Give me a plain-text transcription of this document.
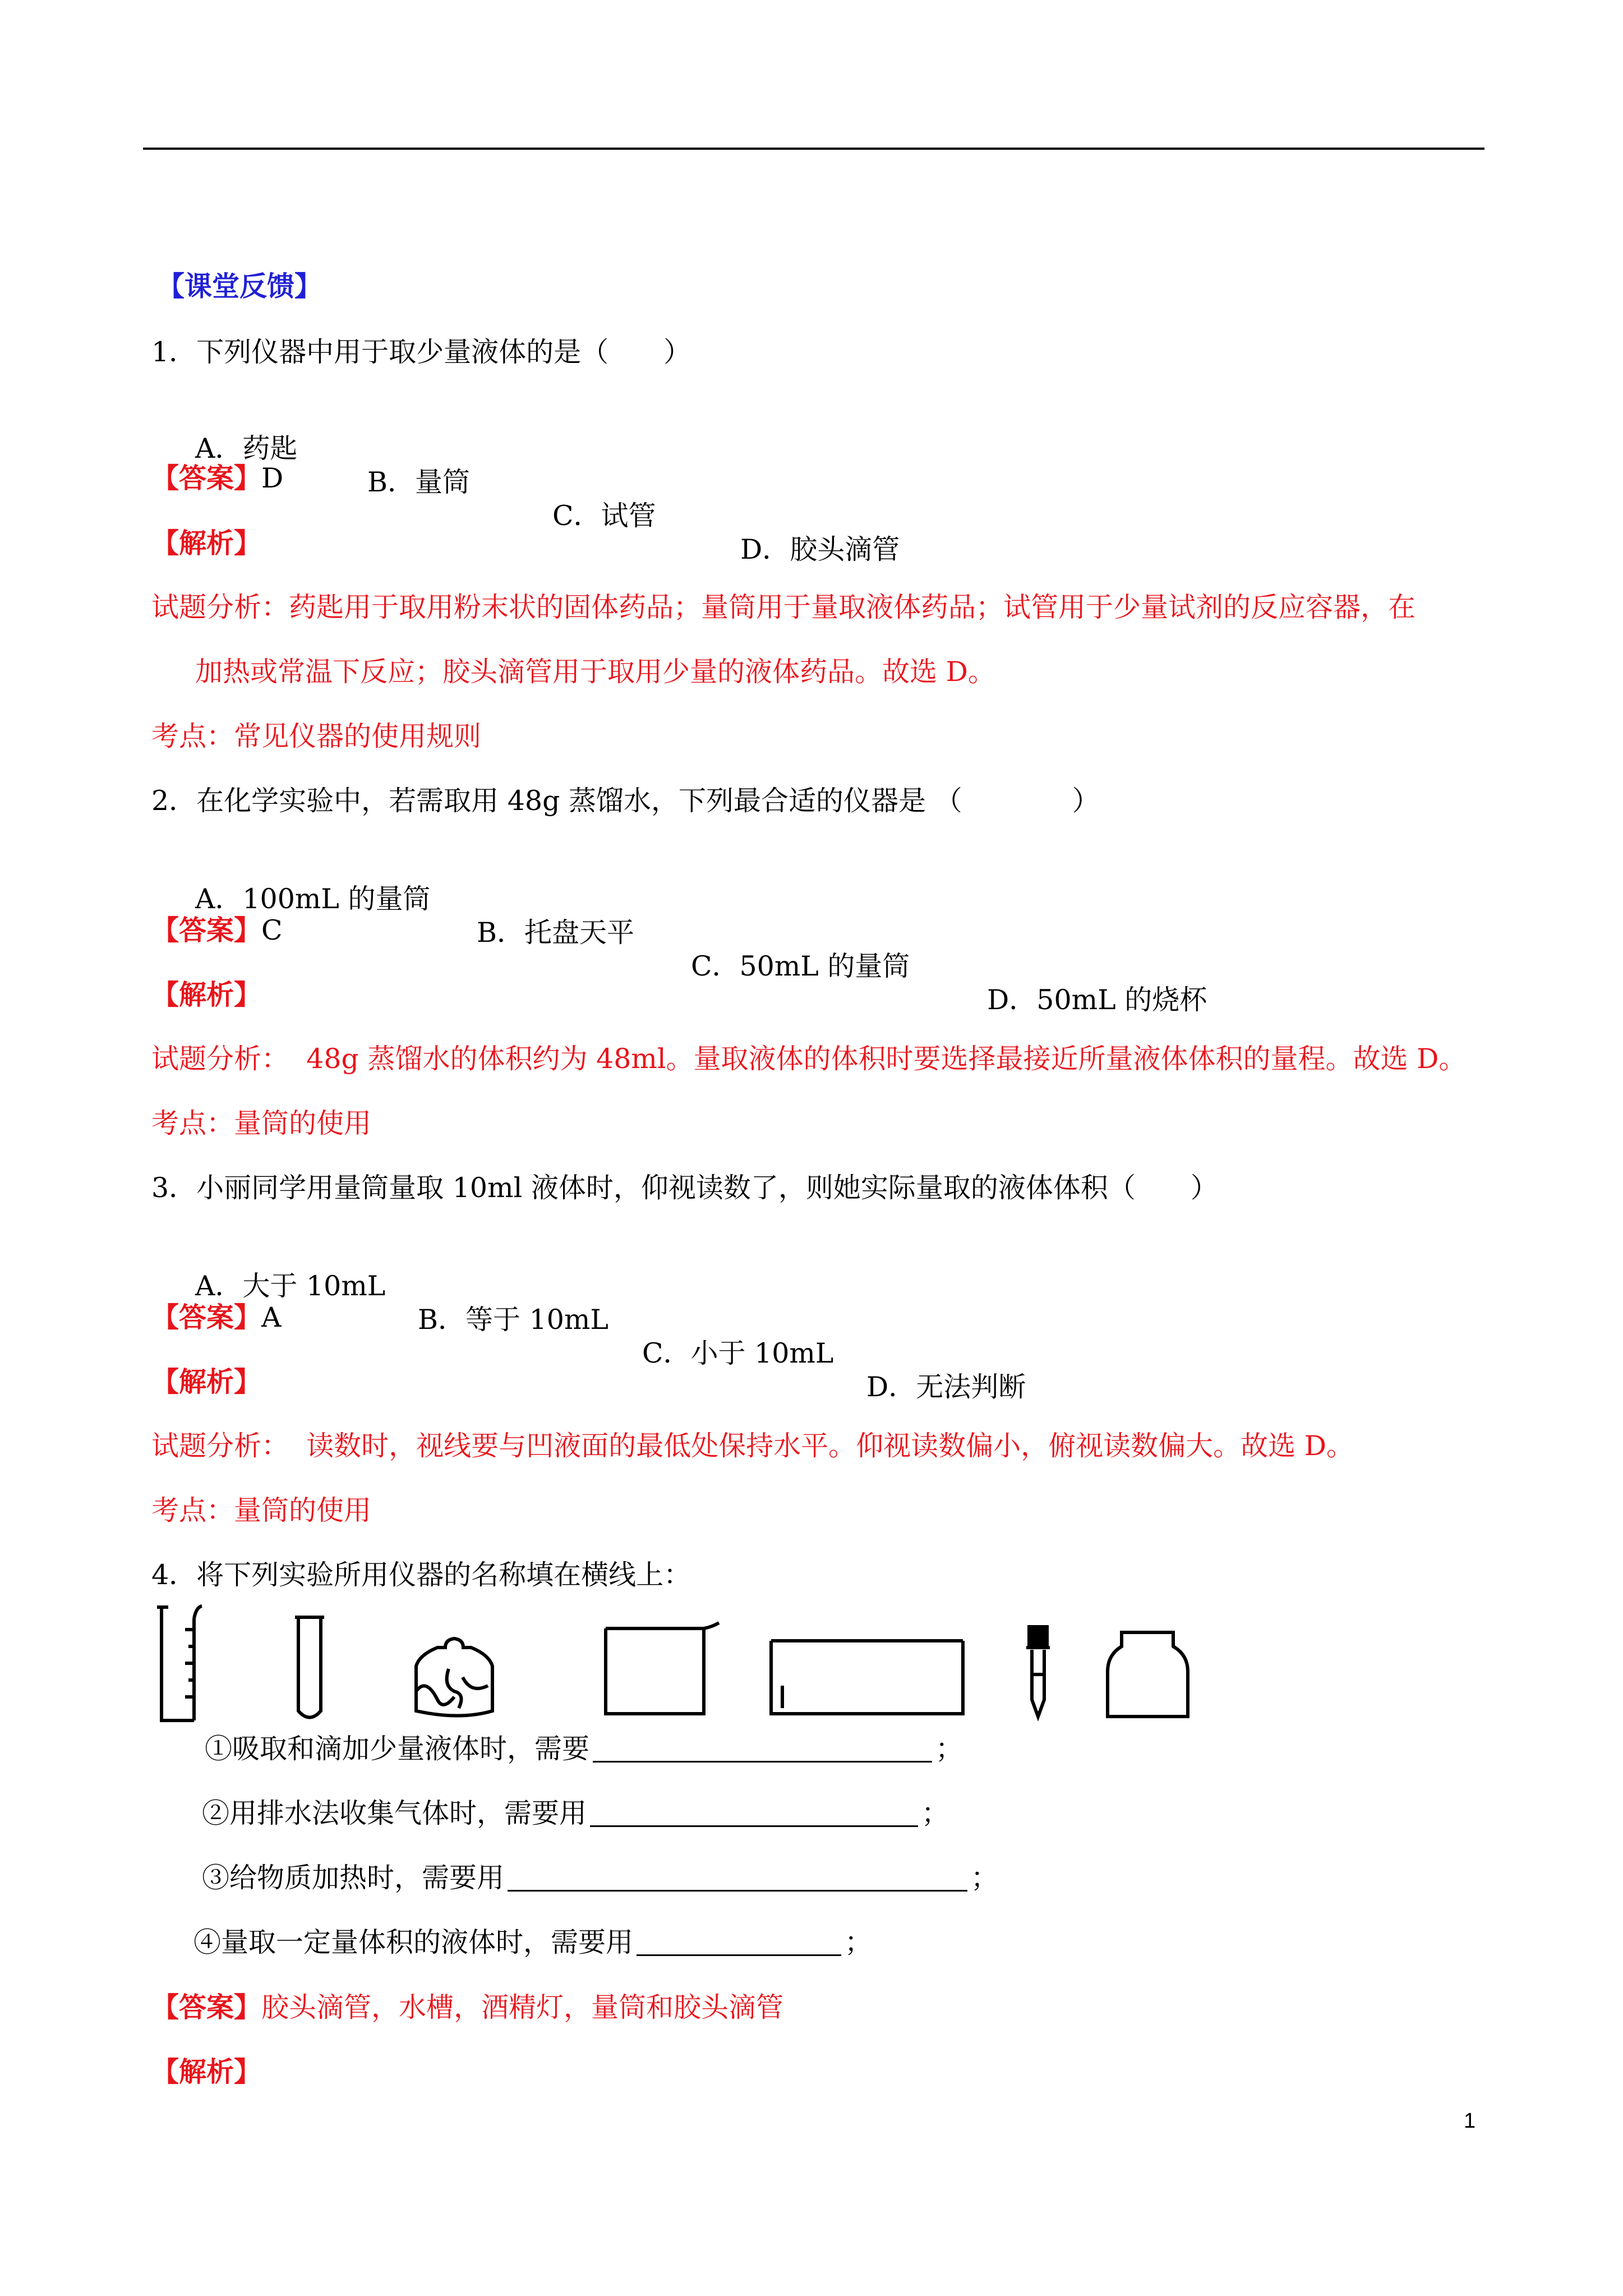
【课堂反馈】
1．下列仪器中用于取少量液体的是（　　）

A．药匙

B．量筒

C．试管

D．胶头滴管

【答案】D
【解析】
试题分析：药匙用于取用粉末状的固体药品；量筒用于量取液体药品；试管用于少量试剂的反应容器，在
加热或常温下反应；胶头滴管用于取用少量的液体药品。故选 D。
考点：常见仪器的使用规则
2．在化学实验中，若需取用 48g 蒸馏水，下列最合适的仪器是 （　　　　）

A．100mL 的量筒

B．托盘天平

C．50mL 的量筒

D．50mL 的烧杯

【答案】C
【解析】
试题分析：  48g 蒸馏水的体积约为 48ml。量取液体的体积时要选择最接近所量液体体积的量程。故选 D。
考点：量筒的使用
3．小丽同学用量筒量取 10ml 液体时，仰视读数了，则她实际量取的液体体积（　　）

A．大于 10mL

B．等于 10mL

C．小于 10mL

D．无法判断

【答案】A
【解析】
试题分析：  读数时，视线要与凹液面的最低处保持水平。仰视读数偏小，俯视读数偏大。故选 D。
考点：量筒的使用
4．将下列实验所用仪器的名称填在横线上：
①吸取和滴加少量液体时，需要	；
②用排水法收集气体时，需要用	；
③给物质加热时，需要用	；
④量取一定量体积的液体时，需要用	；
【答案】胶头滴管，水槽，酒精灯，量筒和胶头滴管
【解析】
1
